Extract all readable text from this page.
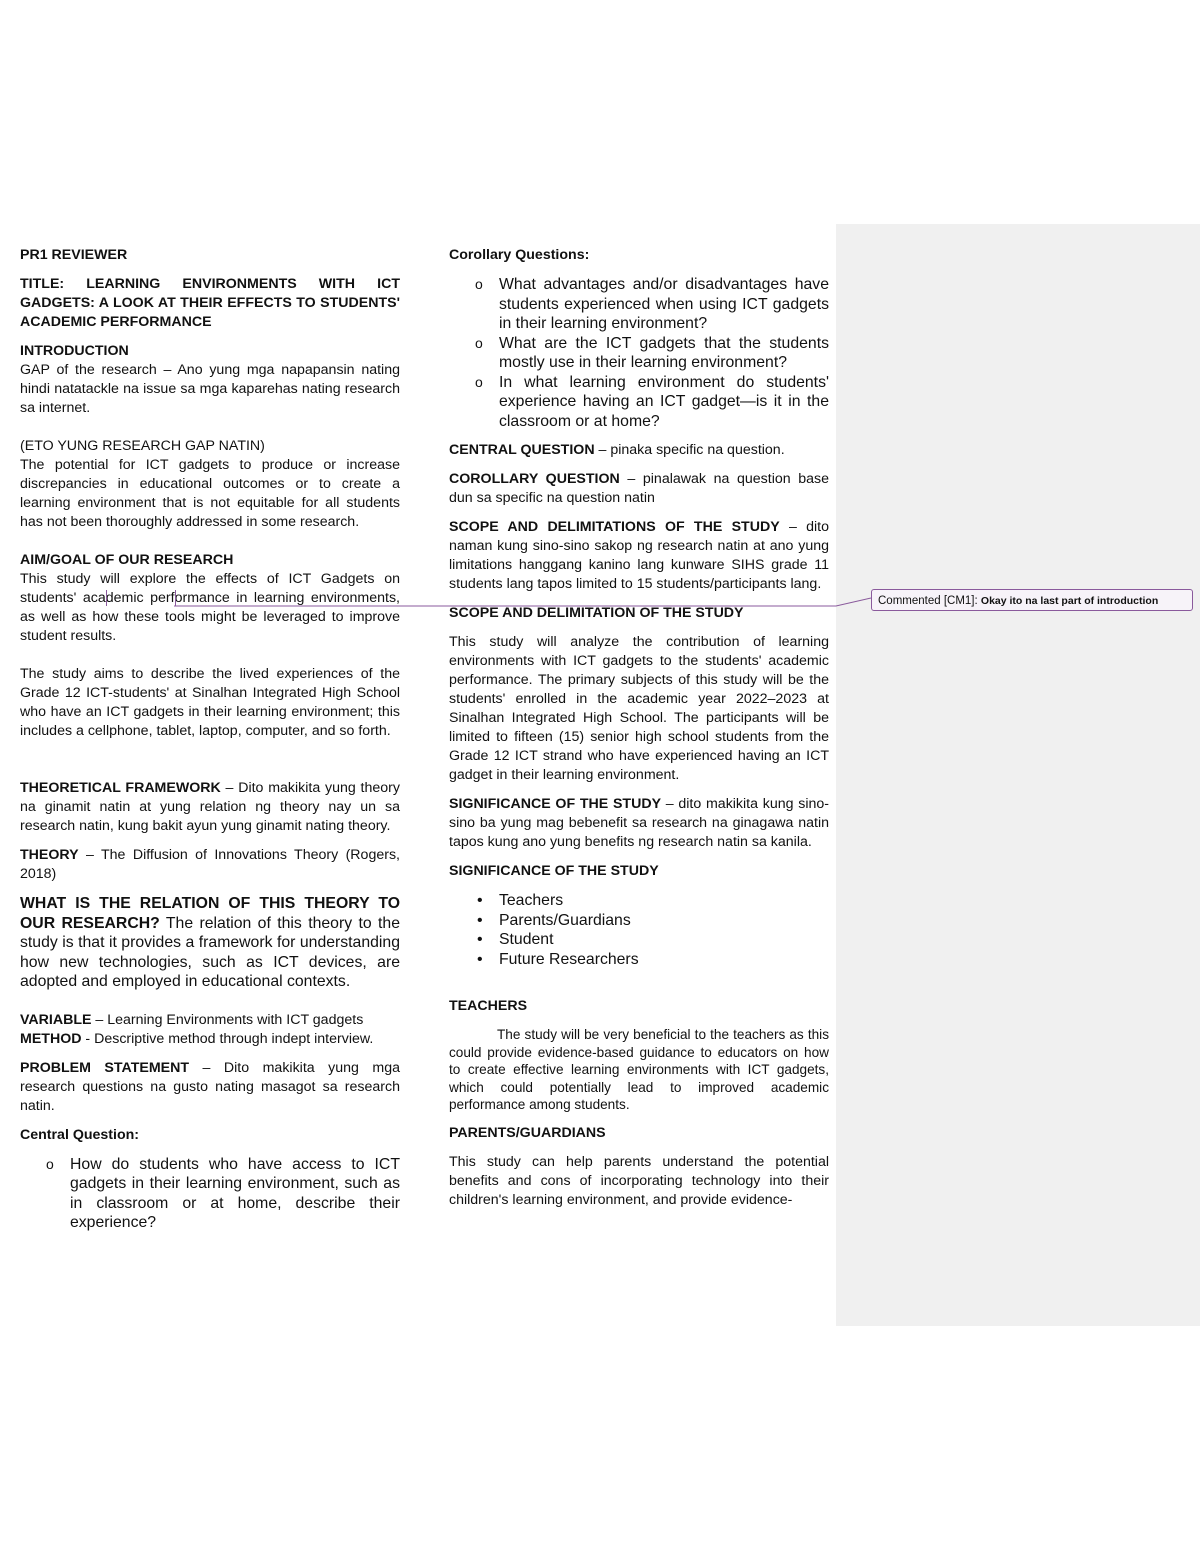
PR1 REVIEWER

TITLE: LEARNING ENVIRONMENTS WITH ICT GADGETS: A LOOK AT THEIR EFFECTS TO STUDENTS' ACADEMIC PERFORMANCE

INTRODUCTION

GAP of the research – Ano yung mga napapansin nating hindi natatackle na issue sa mga kaparehas nating research sa internet.

(ETO YUNG RESEARCH GAP NATIN)

The potential for ICT gadgets to produce or increase discrepancies in educational outcomes or to create a learning environment that is not equitable for all students has not been thoroughly addressed in some research.

AIM/GOAL OF OUR RESEARCH

This study will explore the effects of ICT Gadgets on students' academic performance in learning environments, as well as how these tools might be leveraged to improve student results.

The study aims to describe the lived experiences of the Grade 12 ICT-students' at Sinalhan Integrated High School who have an ICT gadgets in their learning environment; this includes a cellphone, tablet, laptop, computer, and so forth.

THEORETICAL FRAMEWORK – Dito makikita yung theory na ginamit natin at yung relation ng theory nay un sa research natin, kung bakit ayun yung ginamit nating theory.

THEORY – The Diffusion of Innovations Theory (Rogers, 2018)

WHAT IS THE RELATION OF THIS THEORY TO OUR RESEARCH? The relation of this theory to the study is that it provides a framework for understanding how new technologies, such as ICT devices, are adopted and employed in educational contexts.

VARIABLE – Learning Environments with ICT gadgets

METHOD - Descriptive method through indept interview.

PROBLEM STATEMENT – Dito makikita yung mga research questions na gusto nating masagot sa research natin.

Central Question:

o How do students who have access to ICT gadgets in their learning environment, such as in classroom or at home, describe their experience?

Corollary Questions:

o What advantages and/or disadvantages have students experienced when using ICT gadgets in their learning environment?
o What are the ICT gadgets that the students mostly use in their learning environment?
o In what learning environment do students' experience having an ICT gadget—is it in the classroom or at home?

CENTRAL QUESTION – pinaka specific na question.

COROLLARY QUESTION – pinalawak na question base dun sa specific na question natin

SCOPE AND DELIMITATIONS OF THE STUDY – dito naman kung sino-sino sakop ng research natin at ano yung limitations hanggang kanino lang kunware SIHS grade 11 students lang tapos limited to 15 students/participants lang.

SCOPE AND DELIMITATION OF THE STUDY

This study will analyze the contribution of learning environments with ICT gadgets to the students' academic performance. The primary subjects of this study will be the students' enrolled in the academic year 2022–2023 at Sinalhan Integrated High School. The participants will be limited to fifteen (15) senior high school students from the Grade 12 ICT strand who have experienced having an ICT gadget in their learning environment.

SIGNIFICANCE OF THE STUDY – dito makikita kung sino-sino ba yung mag bebenefit sa research na ginagawa natin tapos kung ano yung benefits ng research natin sa kanila.

SIGNIFICANCE OF THE STUDY

• Teachers
• Parents/Guardians
• Student
• Future Researchers

TEACHERS

The study will be very beneficial to the teachers as this could provide evidence-based guidance to educators on how to create effective learning environments with ICT gadgets, which could potentially lead to improved academic performance among students.

PARENTS/GUARDIANS

This study can help parents understand the potential benefits and cons of incorporating technology into their children's learning environment, and provide evidence-

Commented [CM1]: Okay ito na last part of introduction
